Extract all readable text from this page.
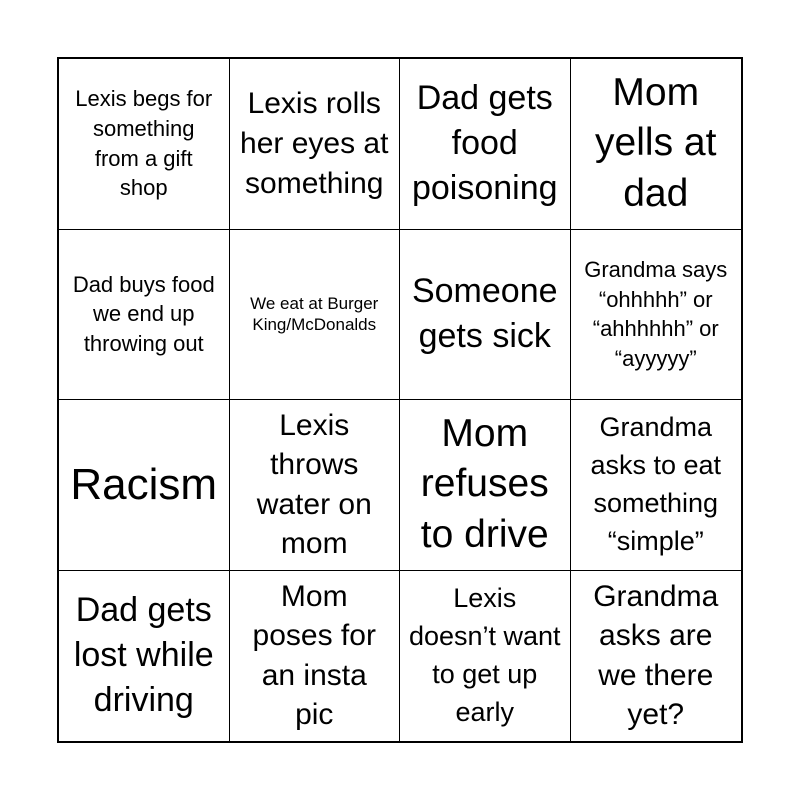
Lexis begs for something from a gift shop
Lexis rolls her eyes at something
Dad gets food poisoning
Mom yells at dad
Dad buys food we end up throwing out
We eat at Burger King/McDonalds
Someone gets sick
Grandma says “ohhhhh” or “ahhhhhh” or “ayyyyy”
Racism
Lexis throws water on mom
Mom refuses to drive
Grandma asks to eat something “simple”
Dad gets lost while driving
Mom poses for an insta pic
Lexis doesn’t want to get up early
Grandma asks are we there yet?
